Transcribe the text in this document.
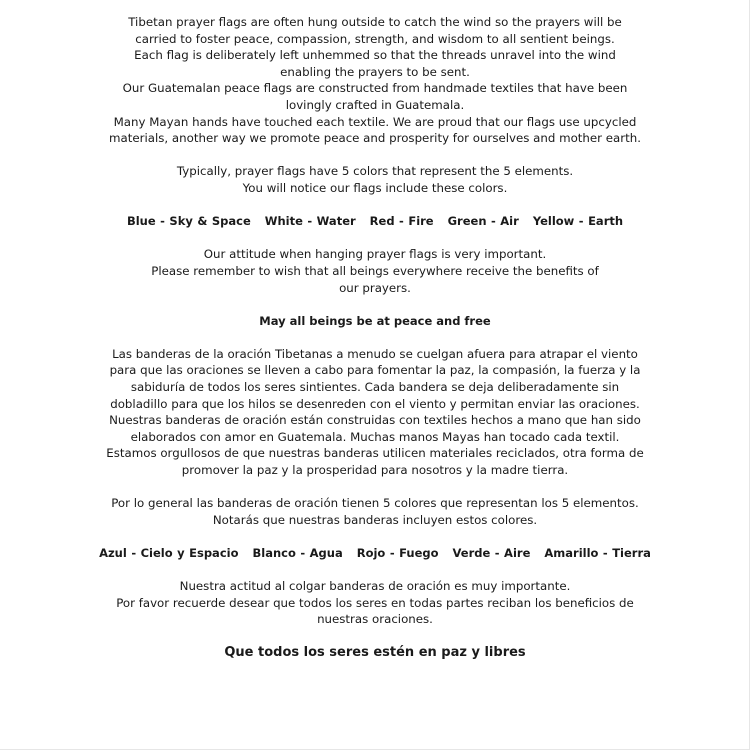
Tibetan prayer flags are often hung outside to catch the wind so the prayers will be carried to foster peace, compassion, strength, and wisdom to all sentient beings.

Each flag is deliberately left unhemmed so that the threads unravel into the wind enabling the prayers to be sent.

Our Guatemalan peace flags are constructed from handmade textiles that have been lovingly crafted in Guatemala.

Many Mayan hands have touched each textile. We are proud that our flags use upcycled materials, another way we promote peace and prosperity for ourselves and mother earth.

Typically, prayer flags have 5 colors that represent the 5 elements.

You will notice our flags include these colors.

Blue - Sky & Space White - Water Red - Fire Green - Air Yellow - Earth

Our attitude when hanging prayer flags is very important.

Please remember to wish that all beings everywhere receive the benefits of our prayers.

May all beings be at peace and free

Las banderas de la oración Tibetanas a menudo se cuelgan afuera para atrapar el viento para que las oraciones se lleven a cabo para fomentar la paz, la compasión, la fuerza y la sabiduría de todos los seres sintientes. Cada bandera se deja deliberadamente sin dobladillo para que los hilos se desenreden con el viento y permitan enviar las oraciones.

Nuestras banderas de oración están construidas con textiles hechos a mano que han sido elaborados con amor en Guatemala. Muchas manos Mayas han tocado cada textil.

Estamos orgullosos de que nuestras banderas utilicen materiales reciclados, otra forma de promover la paz y la prosperidad para nosotros y la madre tierra.

Por lo general las banderas de oración tienen 5 colores que representan los 5 elementos.

Notarás que nuestras banderas incluyen estos colores.

Azul - Cielo y Espacio Blanco - Agua Rojo - Fuego Verde - Aire Amarillo - Tierra

Nuestra actitud al colgar banderas de oración es muy importante.

Por favor recuerde desear que todos los seres en todas partes reciban los beneficios de nuestras oraciones.

Que todos los seres estén en paz y libres
